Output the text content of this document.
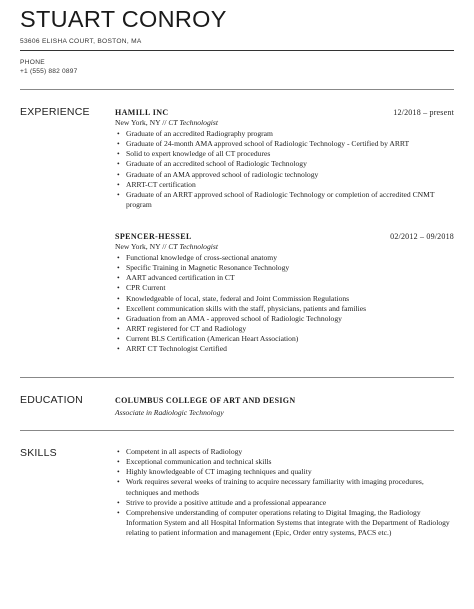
STUART CONROY
53606 ELISHA COURT, BOSTON, MA
PHONE
+1 (555) 882 0897
EXPERIENCE	HAMILL INC	12/2018 – present
New York, NY // CT Technologist
• Graduate of an accredited Radiography program
• Graduate of 24-month AMA approved school of Radiologic Technology - Certified by ARRT
• Solid to expert knowledge of all CT procedures
• Graduate of an accredited school of Radiologic Technology
• Graduate of an AMA approved school of radiologic technology
• ARRT-CT certification
• Graduate of an ARRT approved school of Radiologic Technology or completion of accredited CNMT program
SPENCER-HESSEL	02/2012 – 09/2018
New York, NY // CT Technologist
• Functional knowledge of cross-sectional anatomy
• Specific Training in Magnetic Resonance Technology
• AART advanced certification in CT
• CPR Current
• Knowledgeable of local, state, federal and Joint Commission Regulations
• Excellent communication skills with the staff, physicians, patients and families
• Graduation from an AMA - approved school of Radiologic Technology
• ARRT registered for CT and Radiology
• Current BLS Certification (American Heart Association)
• ARRT CT Technologist Certified
EDUCATION	COLUMBUS COLLEGE OF ART AND DESIGN
Associate in Radiologic Technology
SKILLS
•	Competent in all aspects of Radiology
• Exceptional communication and technical skills
• Highly knowledgeable of CT imaging techniques and quality
• Work requires several weeks of training to acquire necessary familiarity with imaging procedures, techniques and methods
• Strive to provide a positive attitude and a professional appearance
• Comprehensive understanding of computer operations relating to Digital Imaging, the Radiology Information System and all Hospital Information Systems that integrate with the Department of Radiology relating to patient information and management (Epic, Order entry systems, PACS etc.)
